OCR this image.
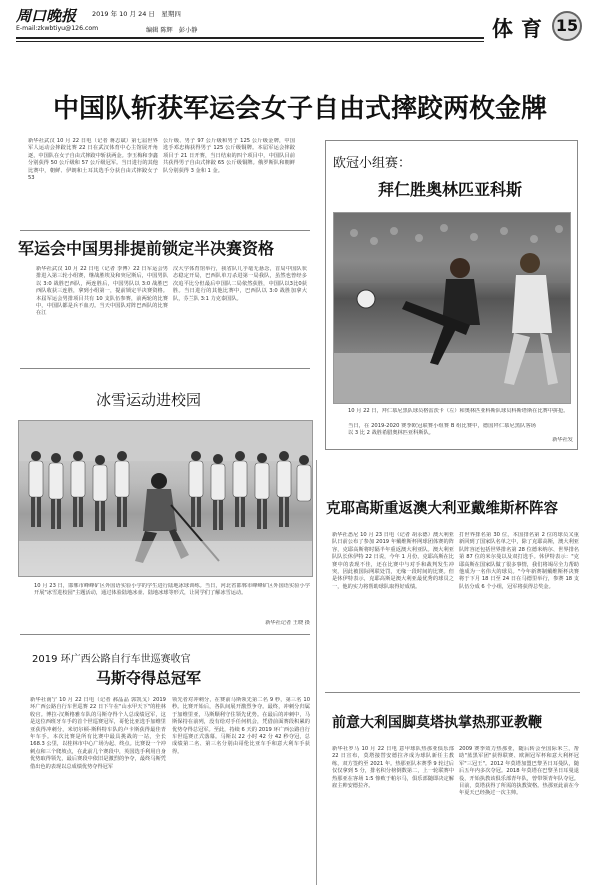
周口晚报 2019 年 10 月 24 日　星期四
E-mail:zkwbtiyu@126.com	编辑 陈辉　彭小静	体育 15
中国队斩获军运会女子自由式摔跤两枚金牌
新华社武汉 10 月 22 日电（记者 蒋志斌）第七届世界军人运动会摔跤比赛 22 日在武汉体育中心主馆展开角逐，中国队在女子自由式摔跤中斩获两金。李玉梅和李鑫分别获得 50 公斤级和 57 公斤级冠军。当日进行的其他比赛中，朝鲜、伊朗和土耳其选手分获自由式摔跤女子 53
公斤级、男子 97 公斤级和男子 125 公斤级金牌，中国选手邓忠梅获得男子 125 公斤级铜牌。本届军运会摔跤项目于 21 日开赛，当日结束的四个项目中，中国队目前共获得男子自由式摔跤 65 公斤级铜牌。俄罗斯队和朝鲜队分别获得 3 金和 1 金。	欧冠小组赛：
拜仁胜奥林匹亚科斯
10 月 22 日，拜仁慕尼黑队球员格雷茨卡（左）和奥林匹亚科斯队球员科斯塔斯在比赛中拼抢。
当日，在 2019-2020 赛季欧冠联赛小组赛 B 组比赛中，德国拜仁慕尼黑队客场以 3 比 2 战胜希腊奥林匹亚科斯队。
新华社发
军运会中国男排提前锁定半决赛资格
新华社武汉 10 月 22 日电（记者 李博）22 日军运会男排进入第三轮小组赛，继战胜埃及和突尼斯后，中国男队以 3:0 战胜巴西队，两连胜后，中国男队以 3:0 战胜巴西队收获三连胜，拿到小组第一，提前锁定半决赛资格。本届军运会男排项目共有 10 支队伍参赛，前两轮的比赛中，中国队都是兵不血刃。当天中国队对阵巴西队的比赛在江
汉大学体育馆举行，我省队几乎毫无悬念，首局中国队状态稳定开局，巴西队单刀杀进第一局我队，虽然也曾经多次追平比分但最后中国队二局依然获胜，中国队以3比0获胜。当日进行的其他比赛中，巴西队以 3:0 战胜加拿大队，芬兰队 3:1 力克泰国队。
冰雪运动进校园
10 月 23 日，邯郸市峰峰矿区外国语实验小学的学生进行陆地冰球训练。当日，河北省邯郸市峰峰矿区外国语实验小学开展"冰雪进校园"主题活动，通过体验陆地冰壶、陆地冰球等形式，让同学们了解冰雪运动。
新华社记者 王晓 摄
2019 环广西公路自行车世巡赛收官
马斯夺得总冠军
新华社南宁 10 月 22 日电（记者 郝晶晶 郭凯戈）2019 环广西公路自行车世巡赛 22 日下午在"山水甲天下"的桂林收官。博拉-汉斯格雅车队的马斯夺得个人总成绩冠军，这是这位西班牙车手的首个世巡赛冠军，哥伦比亚选手加维里亚获得冲刺分，米切尔顿-斯科特车队的卢卡斯获得最佳青年车手。本次比赛是所有比赛中最具挑战的一站，全长 168.3 公里，以桂林市中心广场为起、终点。比赛设一个冲刺点和三个爬坡点，在此前几个赛段中，英国选手利用自身优势取得领先，最后赛段中依旧是激烈的争夺，最终马斯凭借出色的表现以总成绩优势夺得冠军
领先者对冲刺分，在赛前马斯领先第二名 9 秒，第三名 10 秒。比赛开始后，各队间展开激烈争夺。最终，冲刺分归属于加维里亚，马斯顺利守住领先优势。在最后的冲刺中，马斯保持在前列，没有给对手任何机会，凭借前面赛段积累的优势夺得总冠军。至此，持续 6 天的 2019 环广西公路自行车世巡赛正式落幕。马斯以 22 小时 42 分 42 秒夺冠，总成绩第二名、第三名分别由哥伦比亚车手和意大利车手获得。
克耶高斯重返澳大利亚戴维斯杯阵容
新华社悉尼 10 月 23 日电（记者 胡永德）澳大利亚队日前公布了参加 2019 年戴维斯杯网球团体赛的阵容，克耶高斯将时隔半年重返澳大利亚队。澳大利亚队队长休伊特 22 日说，今年 1 月份，克耶高斯在比赛中的表现不佳，还在比赛中与对手和裁判发生冲突，因此被国际网联处罚，无缘一段时间的比赛。但是休伊特表示，克耶高斯是澳大利亚最优秀的球员之一，他的实力将帮助球队取得好成绩。
打世界排名第 30 位，本国排名第 2 位的球员又重新回到了国家队名单之中，除了克耶高斯，澳大利亚队阵容还包括世界排名第 28 位德米纳尔、世界排名第 87 位的米尔曼以及双打选手。休伊特表示："克耶高斯在国家队做了很多事情，我们将竭尽全力帮助他成为一名伟大的球员。"今年新赛制戴维斯杯决赛将于下月 18 日至 24 日在马德里举行，参赛 18 支队伍分成 6 个小组，冠军将获得总奖金。
前意大利国脚莫塔执掌热那亚教鞭
新华社罗马 10 月 22 日电 意甲球队热那亚俱乐部 22 日宣布，莫塔接替安德拉齐成为球队新任主教练，双方签约至 2021 年。热那亚队本赛季 9 轮过后仅仅拿到 5 分，排名积分榜倒数第二，上一轮联赛中热那亚在客场 1:5 惨败于帕尔马，俱乐部随即决定解雇主帅安德拉齐。
2009 赛季效力热那亚，随后转会至国际米兰，帮助"蓝黑军团"获得联赛、欧洲冠军杯和意大利杯冠军"三冠王"。2012 年莫塔加盟巴黎圣日耳曼队，随后五年内多次夺冠。2018 年莫塔在巴黎圣日耳曼退役，开始执教该俱乐部青年队，曾带领青年队夺冠。目前，莫塔获得了所需的执教资格。热那亚此前在今年夏天已经换过一次主帅。
